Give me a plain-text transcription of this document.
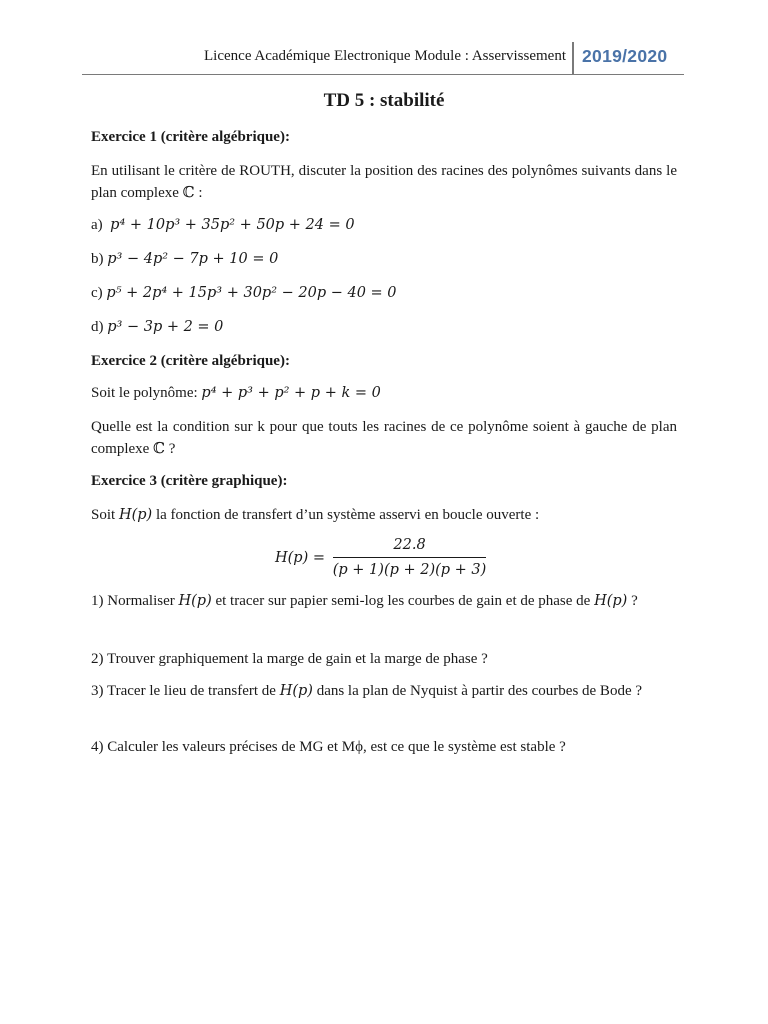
Licence Académique Electronique Module : Asservissement 2019/2020
TD 5 : stabilité
Exercice 1 (critère algébrique):
En utilisant le critère de ROUTH, discuter la position des racines des polynômes suivants dans le plan complexe ℂ :
a) p⁴ + 10p³ + 35p² + 50p + 24 = 0
b) p³ − 4p² − 7p + 10 = 0
c) p⁵ + 2p⁴ + 15p³ + 30p² − 20p − 40 = 0
d) p³ − 3p + 2 = 0
Exercice 2 (critère algébrique):
Soit le polynôme: p⁴ + p³ + p² + p + k = 0
Quelle est la condition sur k pour que touts les racines de ce polynôme soient à gauche de plan complexe ℂ ?
Exercice 3 (critère graphique):
Soit H(p) la fonction de transfert d’un système asservi en boucle ouverte :
$H(p) = \frac{22.8}{(p + 1)(p + 2)(p + 3)}$
1) Normaliser H(p) et tracer sur papier semi-log les courbes de gain et de phase de H(p) ?
2) Trouver graphiquement la marge de gain et la marge de phase ?
3) Tracer le lieu de transfert de H(p) dans la plan de Nyquist à partir des courbes de Bode ?
4) Calculer les valeurs précises de MG et Mϕ, est ce que le système est stable ?
